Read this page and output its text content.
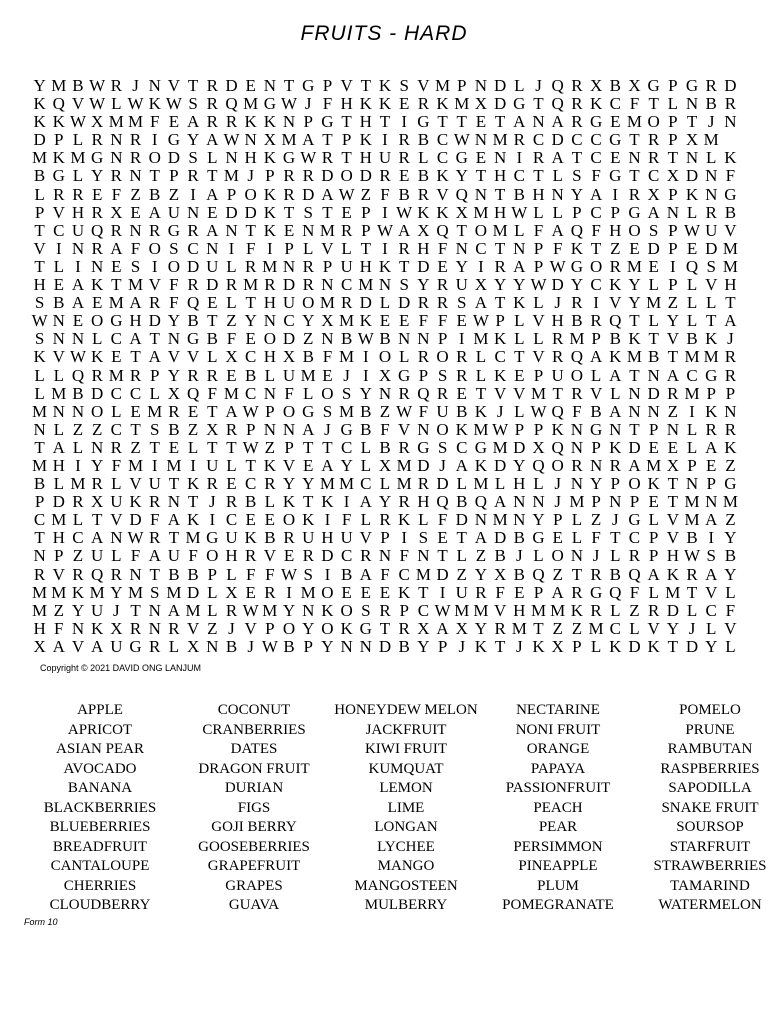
FRUITS - HARD
Y M B W R J N V T R D E N T G P V T K S V M P N D L J Q R X B X G P G R D
K Q V W L W K W S R Q M G W J F H K K E R K M X D G T Q R K C F T L N B R
K K W X M M F E A R R K K N P G T H T I G T T E T A N A R G E M O P T J N
D P L R N R I G Y A W N X M A T P K I R B C W N M R C D C C G T R P X M
M K M G N R O D S L N H K G W R T H U R L C G E N I R A T C E N R T N L K
B G L Y R N T P R T M J P R R D O D R E B K Y T H C T L S F G T C X D N F
L R R E F Z B Z I A P O K R D A W Z F B R V Q N T B H N Y A I R X P K N G
P V H R X E A U N E D D K T S T E P I W K K X M H W L L P C P G A N L R B
T C U Q R N R G R A N T K E N M R P W A X Q T O M L F A Q F H O S P W U V
V I N R A F O S C N I F I P L V L T I R H F N C T N P F K T Z E D P E D M
T L I N E S I O D U L R M N R P U H K T D E Y I R A P W G O R M E I Q S M
H E A K T M V F R D R M R D R N C M N S Y R U X Y Y W D Y C K Y L P L V H
S B A E M A R F Q E L T H U O M R D L D R R S A T K L J R I V Y M Z L L T
W N E O G H D Y B T Z Y N C Y X M K E E F F E W P L V H B R Q T L Y L T A
S N N L C A T N G B F E O D Z N B W B N N P I M K L L R M P B K T V B K J
K V W K E T A V V L X C H X B F M I O L R O R L C T V R Q A K M B T M M R
L L Q R M R P Y R R E B L U M E J I X G P S R L K E P U O L A T N A C G R
L M B D C C L X Q F M C N F L O S Y N R Q R E T V V M T R V L N D R M P P
M N N O L E M R E T A W P O G S M B Z W F U B K J L W Q F B A N N Z I K N
N L Z Z C T S B Z X R P N N A J G B F V N O K M W P P K N G N T P N L R R
T A L N R Z T E L T T W Z P T T C L B R G S C G M D X Q N P K D E E L A K
M H I Y F M I M I U L T K V E A Y L X M D J A K D Y Q O R N R A M X P E Z
B L M R L V U T K R E C R Y Y M M C L M R D L M L H L J N Y P O K T N P G
P D R X U K R N T J R B L K T K I A Y R H Q B Q A N N J M P N P E T M N M
C M L T V D F A K I C E E O K I F L R K L F D N M N Y P L Z J G L V M A Z
T H C A N W R T M G U K B R U H U V P I S E T A D B G E L F T C P V B I Y
N P Z U L F A U F O H R V E R D C R N F N T L Z B J L O N J L R P H W S B
R V R Q R N T B B P L F F W S I B A F C M D Z Y X B Q Z T R B Q A K R A Y
M M K M Y M S M D L X E R I M O E E E K T I U R F E P A R G Q F L M T V L
M Z Y U J T N A M L R W M Y N K O S R P C W M M V H M M K R L Z R D L C F
H F N K X R N R V Z J V P O Y O K G T R X A X Y R M T Z Z M C L V Y J L V
X A V A U G R L X N B J W B P Y N N D B Y P J K T J K X P L K D K T D Y L
Copyright © 2021 DAVID ONG LANJUM
APPLE
APRICOT
ASIAN PEAR
AVOCADO
BANANA
BLACKBERRIES
BLUEBERRIES
BREADFRUIT
CANTALOUPE
CHERRIES
CLOUDBERRY
COCONUT
CRANBERRIES
DATES
DRAGON FRUIT
DURIAN
FIGS
GOJI BERRY
GOOSEBERRIES
GRAPEFRUIT
GRAPES
GUAVA
HONEYDEW MELON
JACKFRUIT
KIWI FRUIT
KUMQUAT
LEMON
LIME
LONGAN
LYCHEE
MANGO
MANGOSTEEN
MULBERRY
NECTARINE
NONI FRUIT
ORANGE
PAPAYA
PASSIONFRUIT
PEACH
PEAR
PERSIMMON
PINEAPPLE
PLUM
POMEGRANATE
POMELO
PRUNE
RAMBUTAN
RASPBERRIES
SAPODILLA
SNAKE FRUIT
SOURSOP
STARFRUIT
STRAWBERRIES
TAMARIND
WATERMELON
Form 10
